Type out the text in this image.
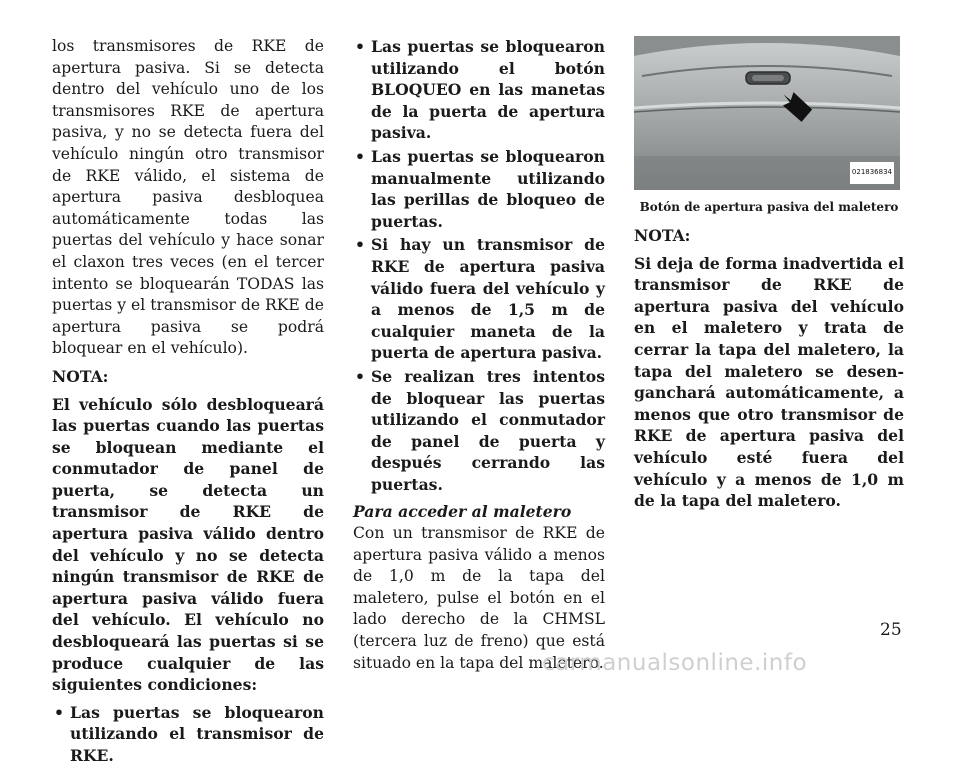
los transmisores de RKE de apertura pasiva. Si se detecta dentro del vehículo uno de los transmisores RKE de apertura pasiva, y no se detecta fuera del vehículo ningún otro transmisor de RKE válido, el sistema de apertura pasiva desbloquea automáticamente todas las puertas del vehículo y hace sonar el claxon tres veces (en el tercer intento se bloquearán TODAS las puertas y el transmisor de RKE de apertura pasiva se podrá bloquear en el vehículo).

NOTA:

El vehículo sólo desbloqueará las puertas cuando las puertas se bloquean mediante el conmutador de panel de puerta, se detecta un transmisor de RKE de apertura pasiva válido dentro del vehículo y no se detecta ningún transmisor de RKE de apertura pasiva válido fuera del vehículo. El vehículo no desbloqueará las puertas si se produce cualquier de las siguientes condiciones:

• Las puertas se bloquearon utilizando el transmisor de RKE.
• Las puertas se bloquearon utilizando el botón BLOQUEO en las manetas de la puerta de apertura pasiva.
• Las puertas se bloquearon manualmente utilizando las perillas de bloqueo de puertas.
• Si hay un transmisor de RKE de apertura pasiva válido fuera del vehículo y a menos de 1,5 m de cualquier maneta de la puerta de apertura pasiva.
• Se realizan tres intentos de bloquear las puertas utilizando el conmutador de panel de puerta y después cerrando las puertas.

Para acceder al maletero

Con un transmisor de RKE de apertura pasiva válido a menos de 1,0 m de la tapa del maletero, pulse el botón en el lado derecho de la CHMSL (tercera luz de freno) que está situado en la tapa del maletero.

021836834

Botón de apertura pasiva del maletero

NOTA:

Si deja de forma inadvertida el transmisor de RKE de apertura pasiva del vehículo en el maletero y trata de cerrar la tapa del maletero, la tapa del maletero se desenganchará automáticamente, a menos que otro transmisor de RKE de apertura pasiva del vehículo esté fuera del vehículo y a menos de 1,0 m de la tapa del maletero.

25
carmanualsonline.info
